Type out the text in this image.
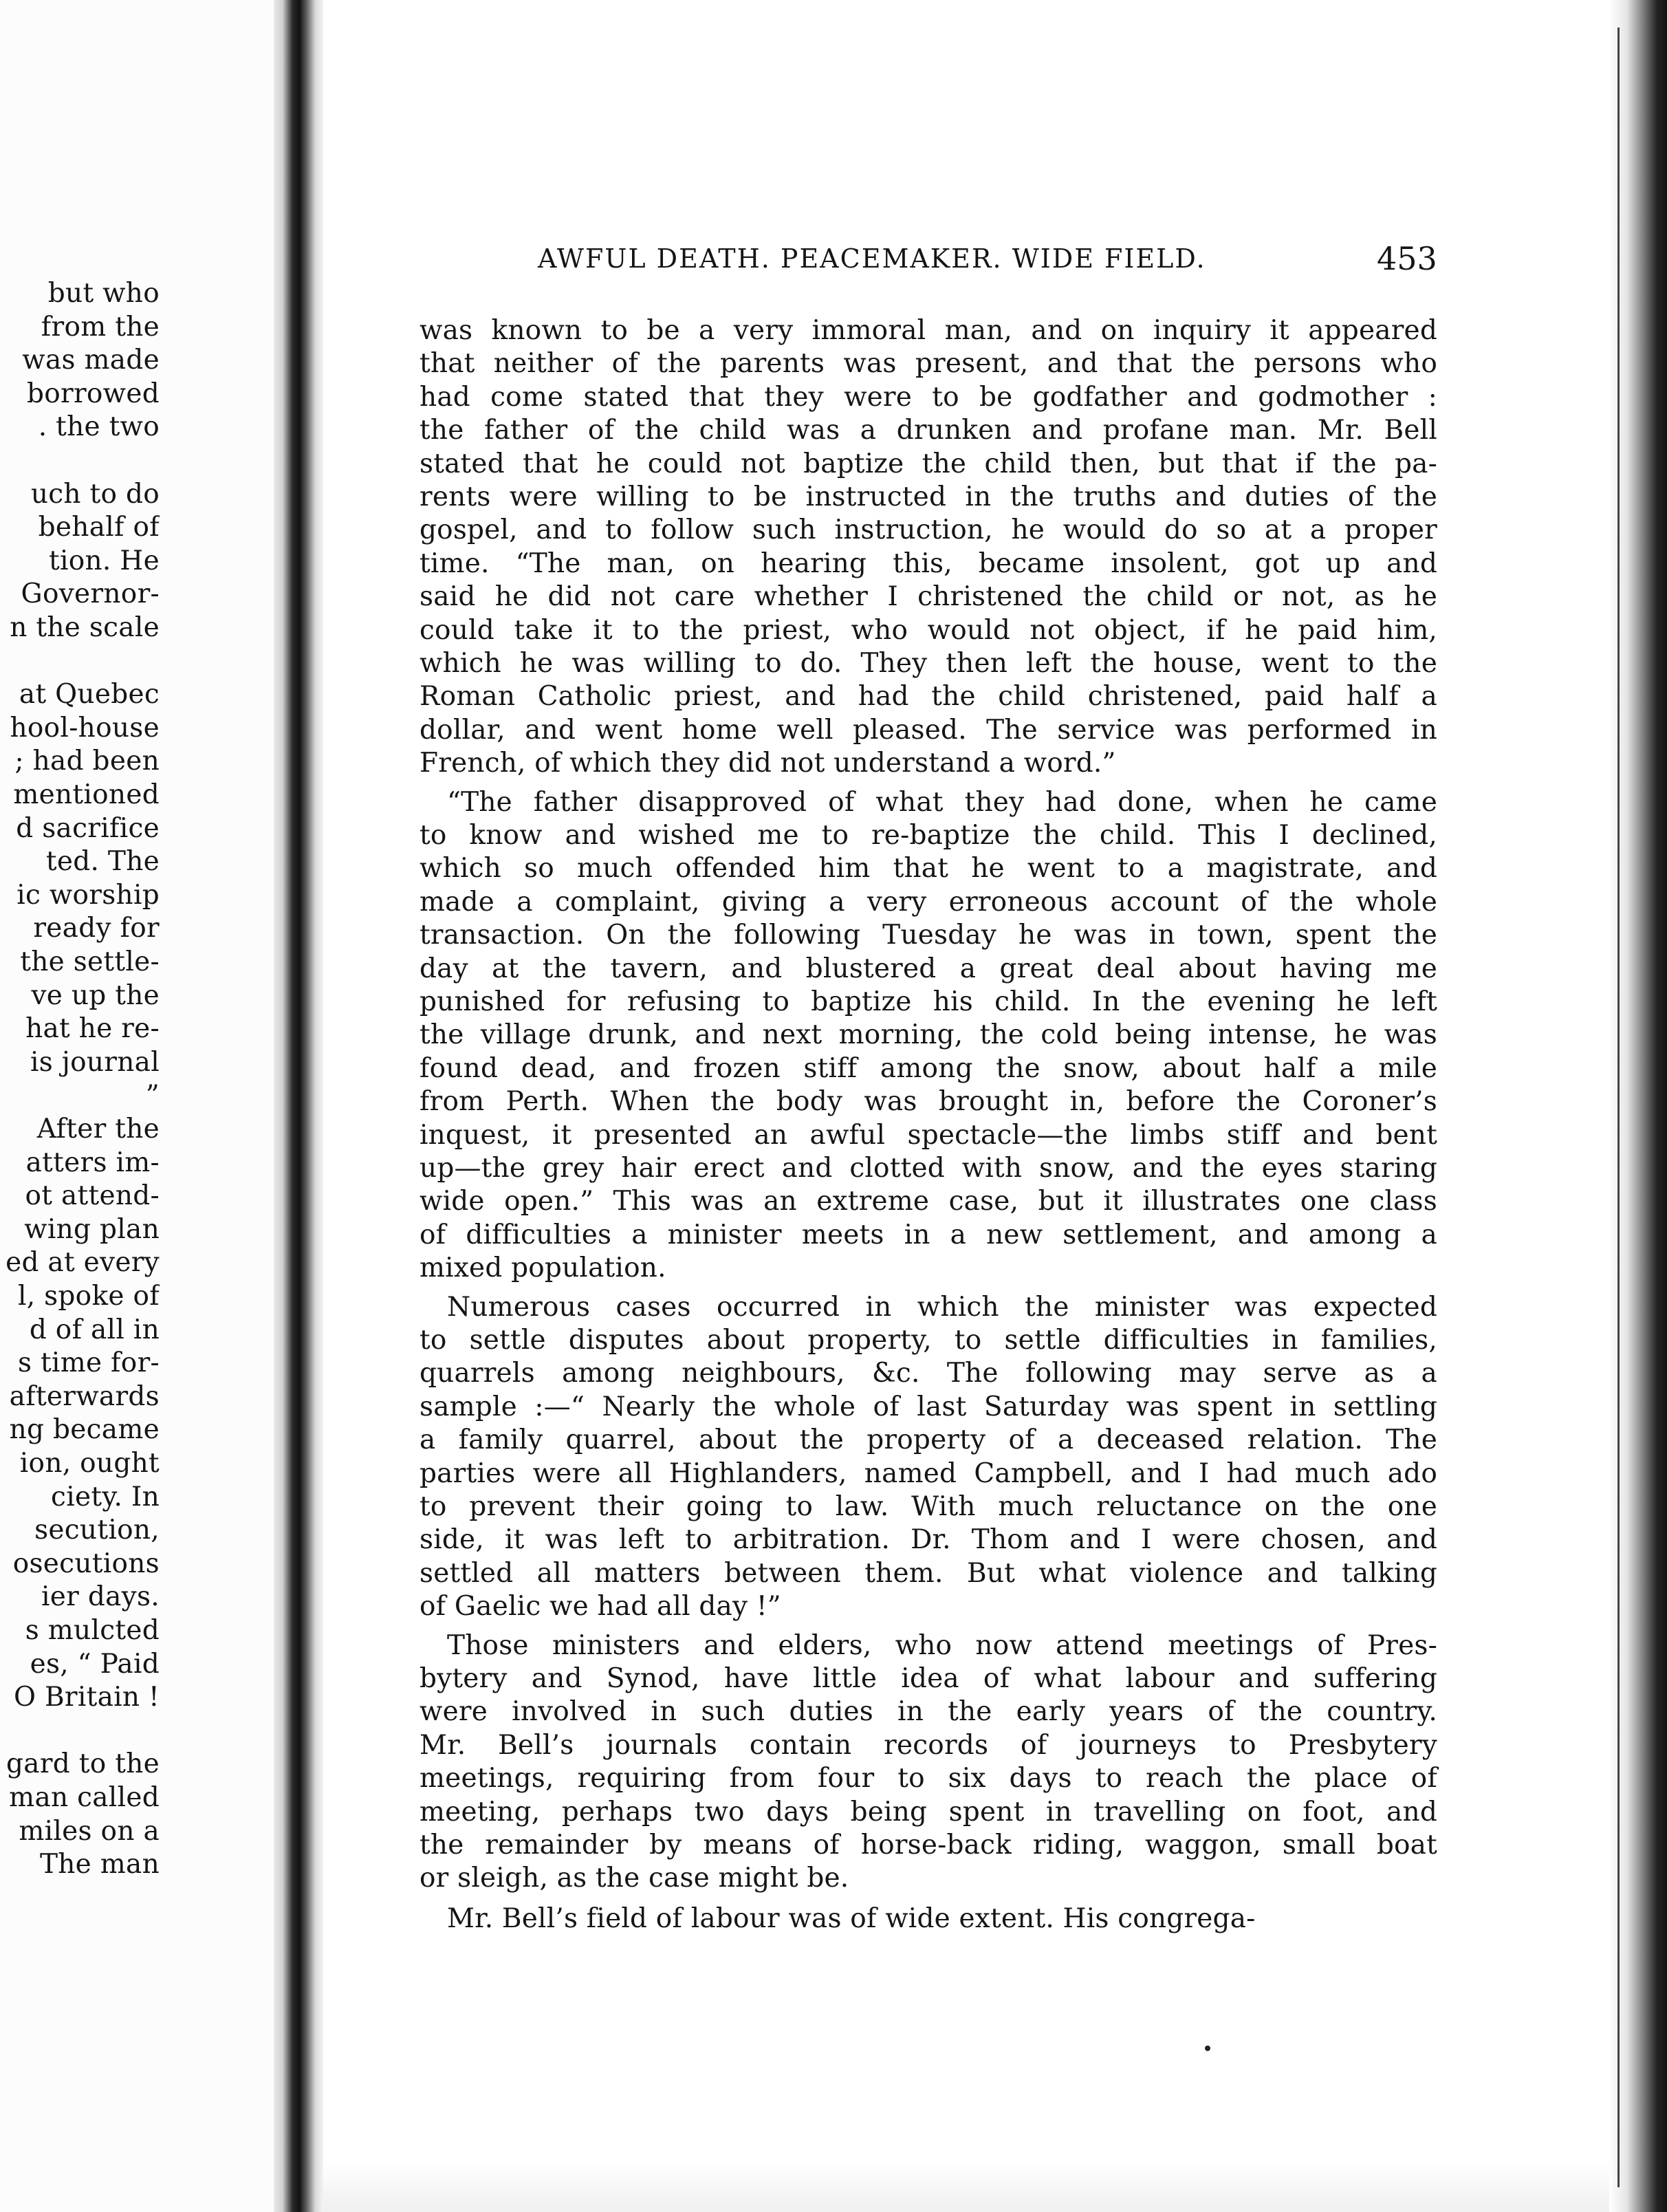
but who
from the
was made
borrowed
. the two
uch to do
behalf of
tion. He
Governor-
n the scale
at Quebec
hool-house
; had been
mentioned
d sacrifice
ted. The
ic worship
ready for
the settle-
ve up the
hat he re-
is journal
”
After the
atters im-
ot attend-
wing plan
ed at every
l, spoke of
d of all in
s time for-
afterwards
ng became
ion, ought
ciety. In
secution,
osecutions
ier days.
s mulcted
es, “ Paid
O Britain !
gard to the
man called
miles on a
The man
AWFUL DEATH. PEACEMAKER. WIDE FIELD.	453
was known to be a very immoral man, and on inquiry it appeared
that neither of the parents was present, and that the persons who
had come stated that they were to be godfather and godmother :
the father of the child was a drunken and profane man. Mr. Bell
stated that he could not baptize the child then, but that if the pa-
rents were willing to be instructed in the truths and duties of the
gospel, and to follow such instruction, he would do so at a proper
time. “The man, on hearing this, became insolent, got up and
said he did not care whether I christened the child or not, as he
could take it to the priest, who would not object, if he paid him,
which he was willing to do. They then left the house, went to the
Roman Catholic priest, and had the child christened, paid half a
dollar, and went home well pleased. The service was performed in
French, of which they did not understand a word.”
“The father disapproved of what they had done, when he came
to know and wished me to re-baptize the child. This I declined,
which so much offended him that he went to a magistrate, and
made a complaint, giving a very erroneous account of the whole
transaction. On the following Tuesday he was in town, spent the
day at the tavern, and blustered a great deal about having me
punished for refusing to baptize his child. In the evening he left
the village drunk, and next morning, the cold being intense, he was
found dead, and frozen stiff among the snow, about half a mile
from Perth. When the body was brought in, before the Coroner’s
inquest, it presented an awful spectacle—the limbs stiff and bent
up—the grey hair erect and clotted with snow, and the eyes staring
wide open.” This was an extreme case, but it illustrates one class
of difficulties a minister meets in a new settlement, and among a
mixed population.
Numerous cases occurred in which the minister was expected
to settle disputes about property, to settle difficulties in families,
quarrels among neighbours, &c. The following may serve as a
sample :—“ Nearly the whole of last Saturday was spent in settling
a family quarrel, about the property of a deceased relation. The
parties were all Highlanders, named Campbell, and I had much ado
to prevent their going to law. With much reluctance on the one
side, it was left to arbitration. Dr. Thom and I were chosen, and
settled all matters between them. But what violence and talking
of Gaelic we had all day !”
Those ministers and elders, who now attend meetings of Pres-
bytery and Synod, have little idea of what labour and suffering
were involved in such duties in the early years of the country.
Mr. Bell’s journals contain records of journeys to Presbytery
meetings, requiring from four to six days to reach the place of
meeting, perhaps two days being spent in travelling on foot, and
the remainder by means of horse-back riding, waggon, small boat
or sleigh, as the case might be.
Mr. Bell’s field of labour was of wide extent. His congrega-
